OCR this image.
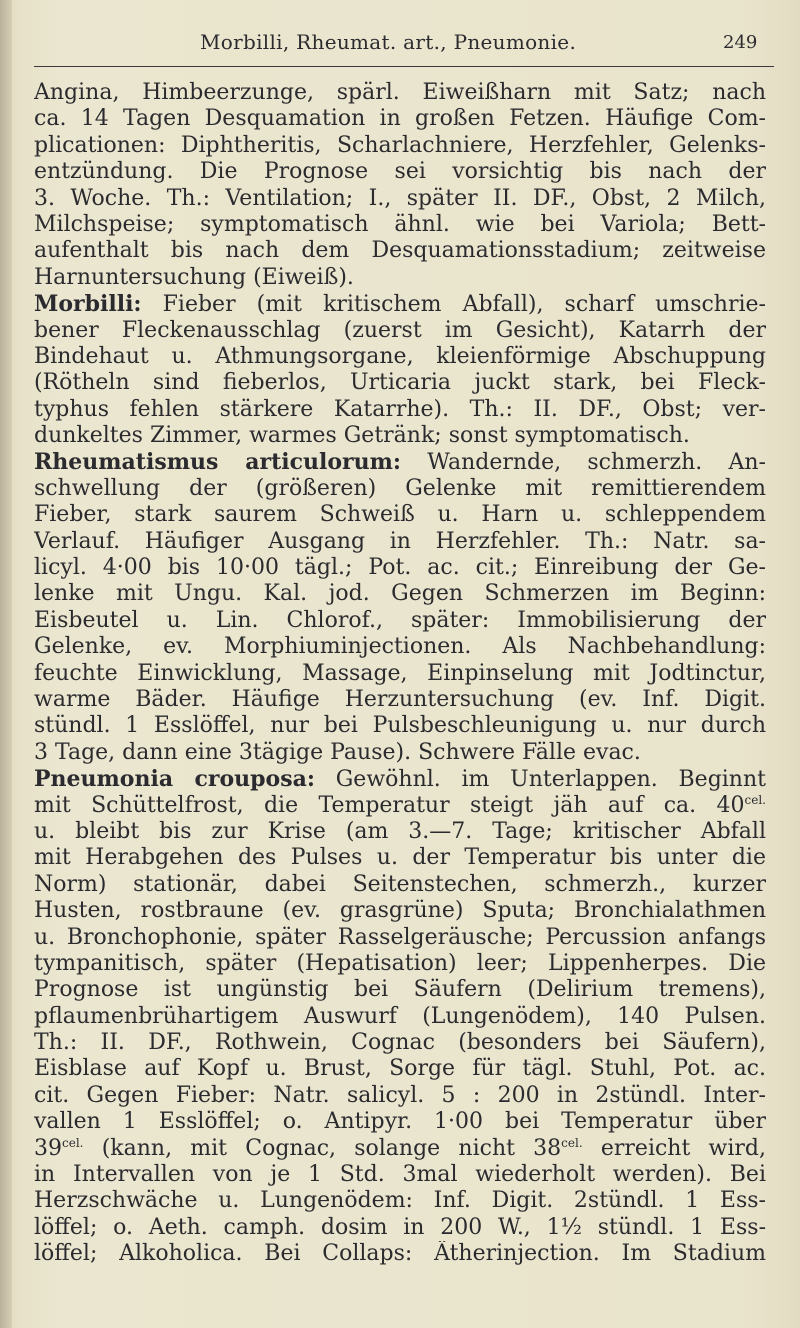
Morbilli, Rheumat. art., Pneumonie.	249
Angina, Himbeerzunge, spärl. Eiweißharn mit Satz; nach
ca. 14 Tagen Desquamation in großen Fetzen. Häufige Com-
plicationen: Diphtheritis, Scharlachniere, Herzfehler, Gelenks-
entzündung. Die Prognose sei vorsichtig bis nach der
3. Woche. Th.: Ventilation; I., später II. DF., Obst, 2 Milch,
Milchspeise; symptomatisch ähnl. wie bei Variola; Bett-
aufenthalt bis nach dem Desquamationsstadium; zeitweise
Harnuntersuchung (Eiweiß).
Morbilli: Fieber (mit kritischem Abfall), scharf umschrie-
bener Fleckenausschlag (zuerst im Gesicht), Katarrh der
Bindehaut u. Athmungsorgane, kleienförmige Abschuppung
(Rötheln sind fieberlos, Urticaria juckt stark, bei Fleck-
typhus fehlen stärkere Katarrhe). Th.: II. DF., Obst; ver-
dunkeltes Zimmer, warmes Getränk; sonst symptomatisch.
Rheumatismus articulorum: Wandernde, schmerzh. An-
schwellung der (größeren) Gelenke mit remittierendem
Fieber, stark saurem Schweiß u. Harn u. schleppendem
Verlauf. Häufiger Ausgang in Herzfehler. Th.: Natr. sa-
licyl. 4·00 bis 10·00 tägl.; Pot. ac. cit.; Einreibung der Ge-
lenke mit Ungu. Kal. jod. Gegen Schmerzen im Beginn:
Eisbeutel u. Lin. Chlorof., später: Immobilisierung der
Gelenke, ev. Morphiuminjectionen. Als Nachbehandlung:
feuchte Einwicklung, Massage, Einpinselung mit Jodtinctur,
warme Bäder. Häufige Herzuntersuchung (ev. Inf. Digit.
stündl. 1 Esslöffel, nur bei Pulsbeschleunigung u. nur durch
3 Tage, dann eine 3tägige Pause). Schwere Fälle evac.
Pneumonia crouposa: Gewöhnl. im Unterlappen. Beginnt
mit Schüttelfrost, die Temperatur steigt jäh auf ca. $40^{cel.}$
u. bleibt bis zur Krise (am 3.—7. Tage; kritischer Abfall
mit Herabgehen des Pulses u. der Temperatur bis unter die
Norm) stationär, dabei Seitenstechen, schmerzh., kurzer
Husten, rostbraune (ev. grasgrüne) Sputa; Bronchialathmen
u. Bronchophonie, später Rasselgeräusche; Percussion anfangs
tympanitisch, später (Hepatisation) leer; Lippenherpes. Die
Prognose ist ungünstig bei Säufern (Delirium tremens),
pflaumenbrühartigem Auswurf (Lungenödem), 140 Pulsen.
Th.: II. DF., Rothwein, Cognac (besonders bei Säufern),
Eisblase auf Kopf u. Brust, Sorge für tägl. Stuhl, Pot. ac.
cit. Gegen Fieber: Natr. salicyl. 5 : 200 in 2stündl. Inter-
vallen 1 Esslöffel; o. Antipyr. 1·00 bei Temperatur über
$39^{cel.}$ (kann, mit Cognac, solange nicht $38^{cel.}$ erreicht wird,
in Intervallen von je 1 Std. 3mal wiederholt werden). Bei
Herzschwäche u. Lungenödem: Inf. Digit. 2stündl. 1 Ess-
löffel; o. Aeth. camph. dosim in 200 W., 1½ stündl. 1 Ess-
löffel; Alkoholica. Bei Collaps: Ätherinjection. Im Stadium
